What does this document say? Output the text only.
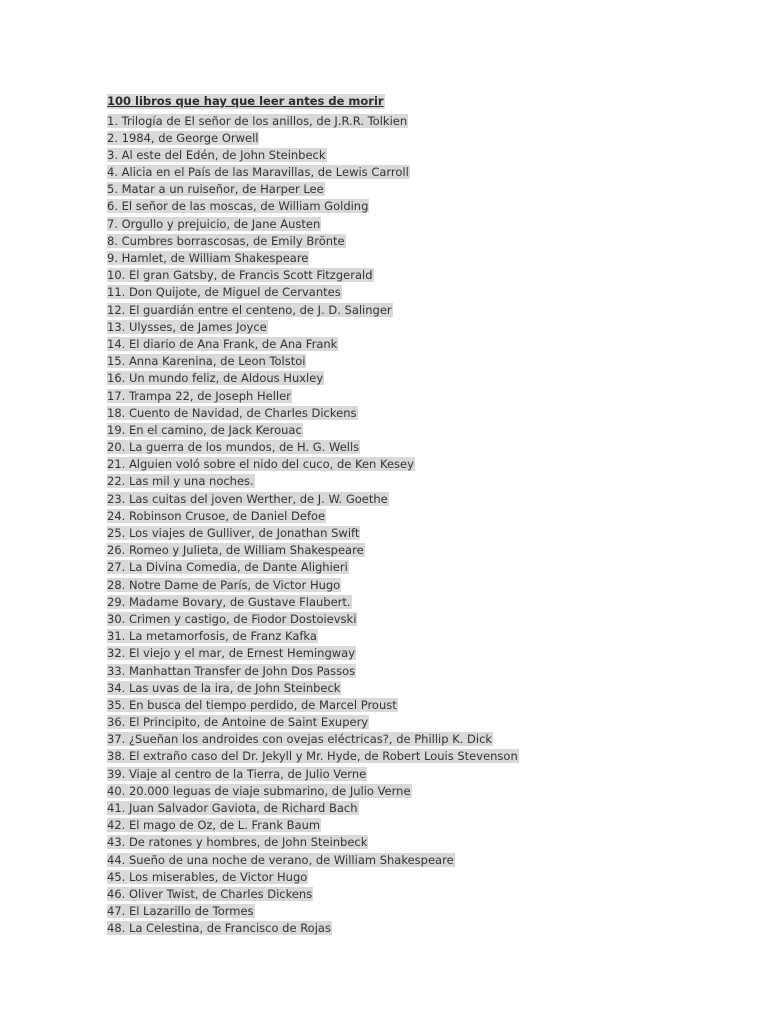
100 libros que hay que leer antes de morir
1. Trilogía de El señor de los anillos, de J.R.R. Tolkien
2. 1984, de George Orwell
3. Al este del Edén, de John Steinbeck
4. Alicia en el País de las Maravillas, de Lewis Carroll
5. Matar a un ruiseñor, de Harper Lee
6. El señor de las moscas, de William Golding
7. Orgullo y prejuicio, de Jane Austen
8. Cumbres borrascosas, de Emily Brönte
9. Hamlet, de William Shakespeare
10. El gran Gatsby, de Francis Scott Fitzgerald
11. Don Quijote, de Miguel de Cervantes
12. El guardián entre el centeno, de J. D. Salinger
13. Ulysses, de James Joyce
14. El diario de Ana Frank, de Ana Frank
15. Anna Karenina, de Leon Tolstoi
16. Un mundo feliz, de Aldous Huxley
17. Trampa 22, de Joseph Heller
18. Cuento de Navidad, de Charles Dickens
19. En el camino, de Jack Kerouac
20. La guerra de los mundos, de H. G. Wells
21. Alguien voló sobre el nido del cuco, de Ken Kesey
22. Las mil y una noches.
23. Las cuitas del joven Werther, de J. W. Goethe
24. Robinson Crusoe, de Daniel Defoe
25. Los viajes de Gulliver, de Jonathan Swift
26. Romeo y Julieta, de William Shakespeare
27. La Divina Comedia, de Dante Alighieri
28. Notre Dame de París, de Victor Hugo
29. Madame Bovary, de Gustave Flaubert.
30. Crimen y castigo, de Fiodor Dostoievski
31. La metamorfosis, de Franz Kafka
32. El viejo y el mar, de Ernest Hemingway
33. Manhattan Transfer de John Dos Passos
34. Las uvas de la ira, de John Steinbeck
35. En busca del tiempo perdido, de Marcel Proust
36. El Principito, de Antoine de Saint Exupery
37. ¿Sueñan los androides con ovejas eléctricas?, de Phillip K. Dick
38. El extraño caso del Dr. Jekyll y Mr. Hyde, de Robert Louis Stevenson
39. Viaje al centro de la Tierra, de Julio Verne
40. 20.000 leguas de viaje submarino, de Julio Verne
41. Juan Salvador Gaviota, de Richard Bach
42. El mago de Oz, de L. Frank Baum
43. De ratones y hombres, de John Steinbeck
44. Sueño de una noche de verano, de William Shakespeare
45. Los miserables, de Victor Hugo
46. Oliver Twist, de Charles Dickens
47. El Lazarillo de Tormes
48. La Celestina, de Francisco de Rojas
